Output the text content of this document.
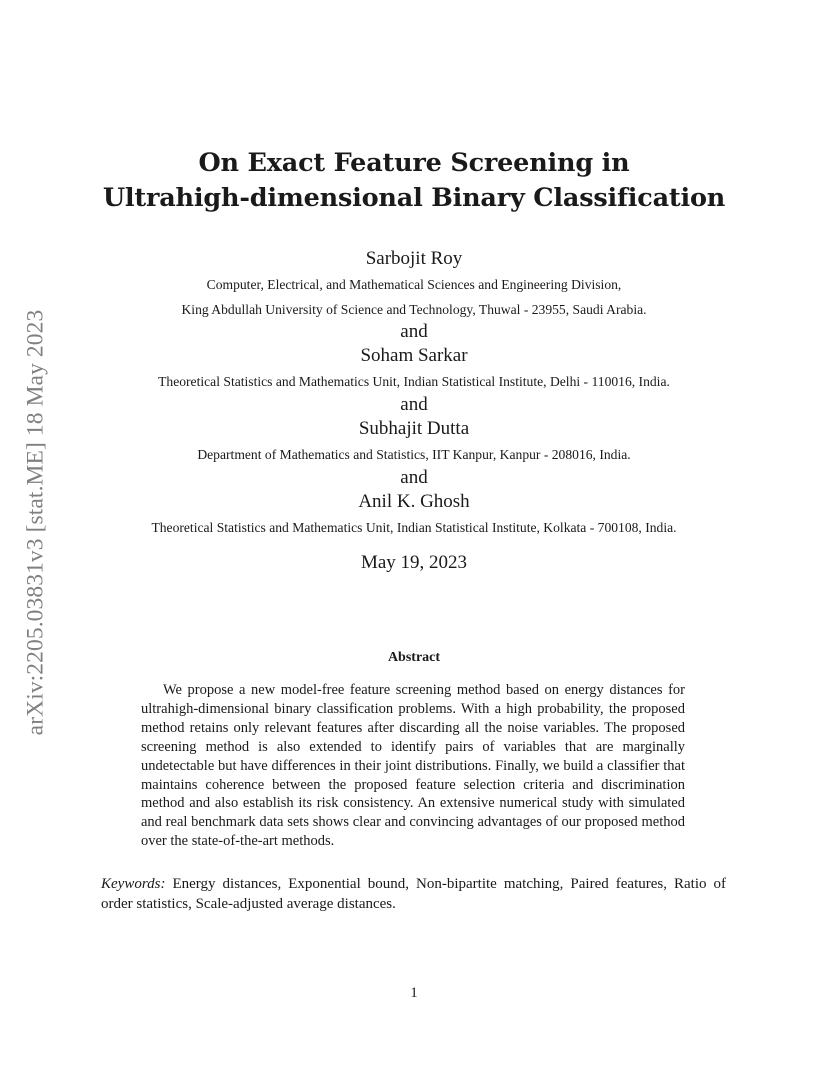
arXiv:2205.03831v3 [stat.ME] 18 May 2023
On Exact Feature Screening in
Ultrahigh-dimensional Binary Classification
Sarbojit Roy
Computer, Electrical, and Mathematical Sciences and Engineering Division,
King Abdullah University of Science and Technology, Thuwal - 23955, Saudi Arabia.
and
Soham Sarkar
Theoretical Statistics and Mathematics Unit, Indian Statistical Institute, Delhi - 110016, India.
and
Subhajit Dutta
Department of Mathematics and Statistics, IIT Kanpur, Kanpur - 208016, India.
and
Anil K. Ghosh
Theoretical Statistics and Mathematics Unit, Indian Statistical Institute, Kolkata - 700108, India.
May 19, 2023
Abstract
We propose a new model-free feature screening method based on energy distances for ultrahigh-dimensional binary classification problems. With a high probability, the proposed method retains only relevant features after discarding all the noise variables. The proposed screening method is also extended to identify pairs of variables that are marginally undetectable but have differences in their joint distributions. Finally, we build a classifier that maintains coherence between the proposed feature selection criteria and discrimination method and also establish its risk consistency. An extensive numerical study with simulated and real benchmark data sets shows clear and convincing advantages of our proposed method over the state-of-the-art methods.
Keywords: Energy distances, Exponential bound, Non-bipartite matching, Paired features, Ratio of order statistics, Scale-adjusted average distances.
1
